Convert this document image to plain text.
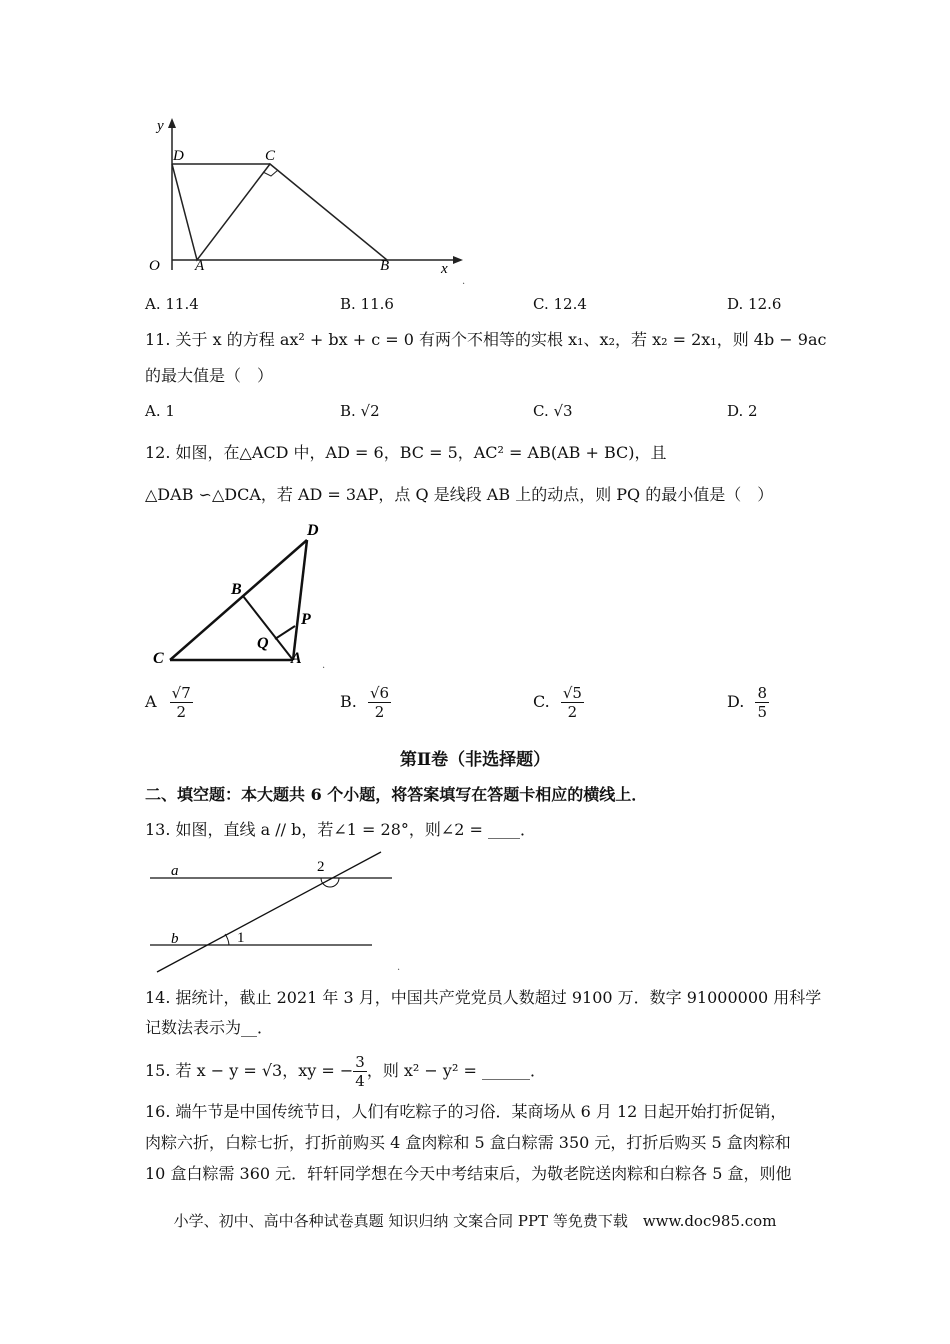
y
x
O A	B
C
D
.
A. 11.4	B. 11.6	C. 12.4	D. 12.6
11. 关于 x 的方程 ax² + bx + c = 0 有两个不相等的实根 x₁、x₂，若 x₂ = 2x₁，则 4b − 9ac
的最大值是（　）
A. 1	B. √2	C. √3	D. 2
12. 如图，在△ACD 中，AD = 6，BC = 5，AC² = AB(AB + BC)，且
△DAB ∽△DCA，若 AD = 3AP，点 Q 是线段 AB 上的动点，则 PQ 的最小值是（　）
D
B
P
Q
C	A .
A $\frac{√7}{2}$	B. $\frac{√6}{2}$	C. $\frac{√5}{2}$	D. $\frac{8}{5}$
第Ⅱ卷（非选择题）
二、填空题：本大题共 6 个小题，将答案填写在答题卡相应的横线上．
13. 如图，直线 a // b，若∠1 = 28°，则∠2 = ____．
a
b	1
2
.
14. 据统计，截止 2021 年 3 月，中国共产党党员人数超过 9100 万．数字 91000000 用科学
记数法表示为__．
15. 若 x − y = √3，xy = − $\frac{3}{4}$ ，则 x² − y² = ______．
16. 端午节是中国传统节日，人们有吃粽子的习俗．某商场从 6 月 12 日起开始打折促销，
肉粽六折，白粽七折，打折前购买 4 盒肉粽和 5 盒白粽需 350 元，打折后购买 5 盒肉粽和
10 盒白粽需 360 元．轩轩同学想在今天中考结束后，为敬老院送肉粽和白粽各 5 盒，则他
小学、初中、高中各种试卷真题 知识归纳 文案合同 PPT 等免费下载　www.doc985.com
